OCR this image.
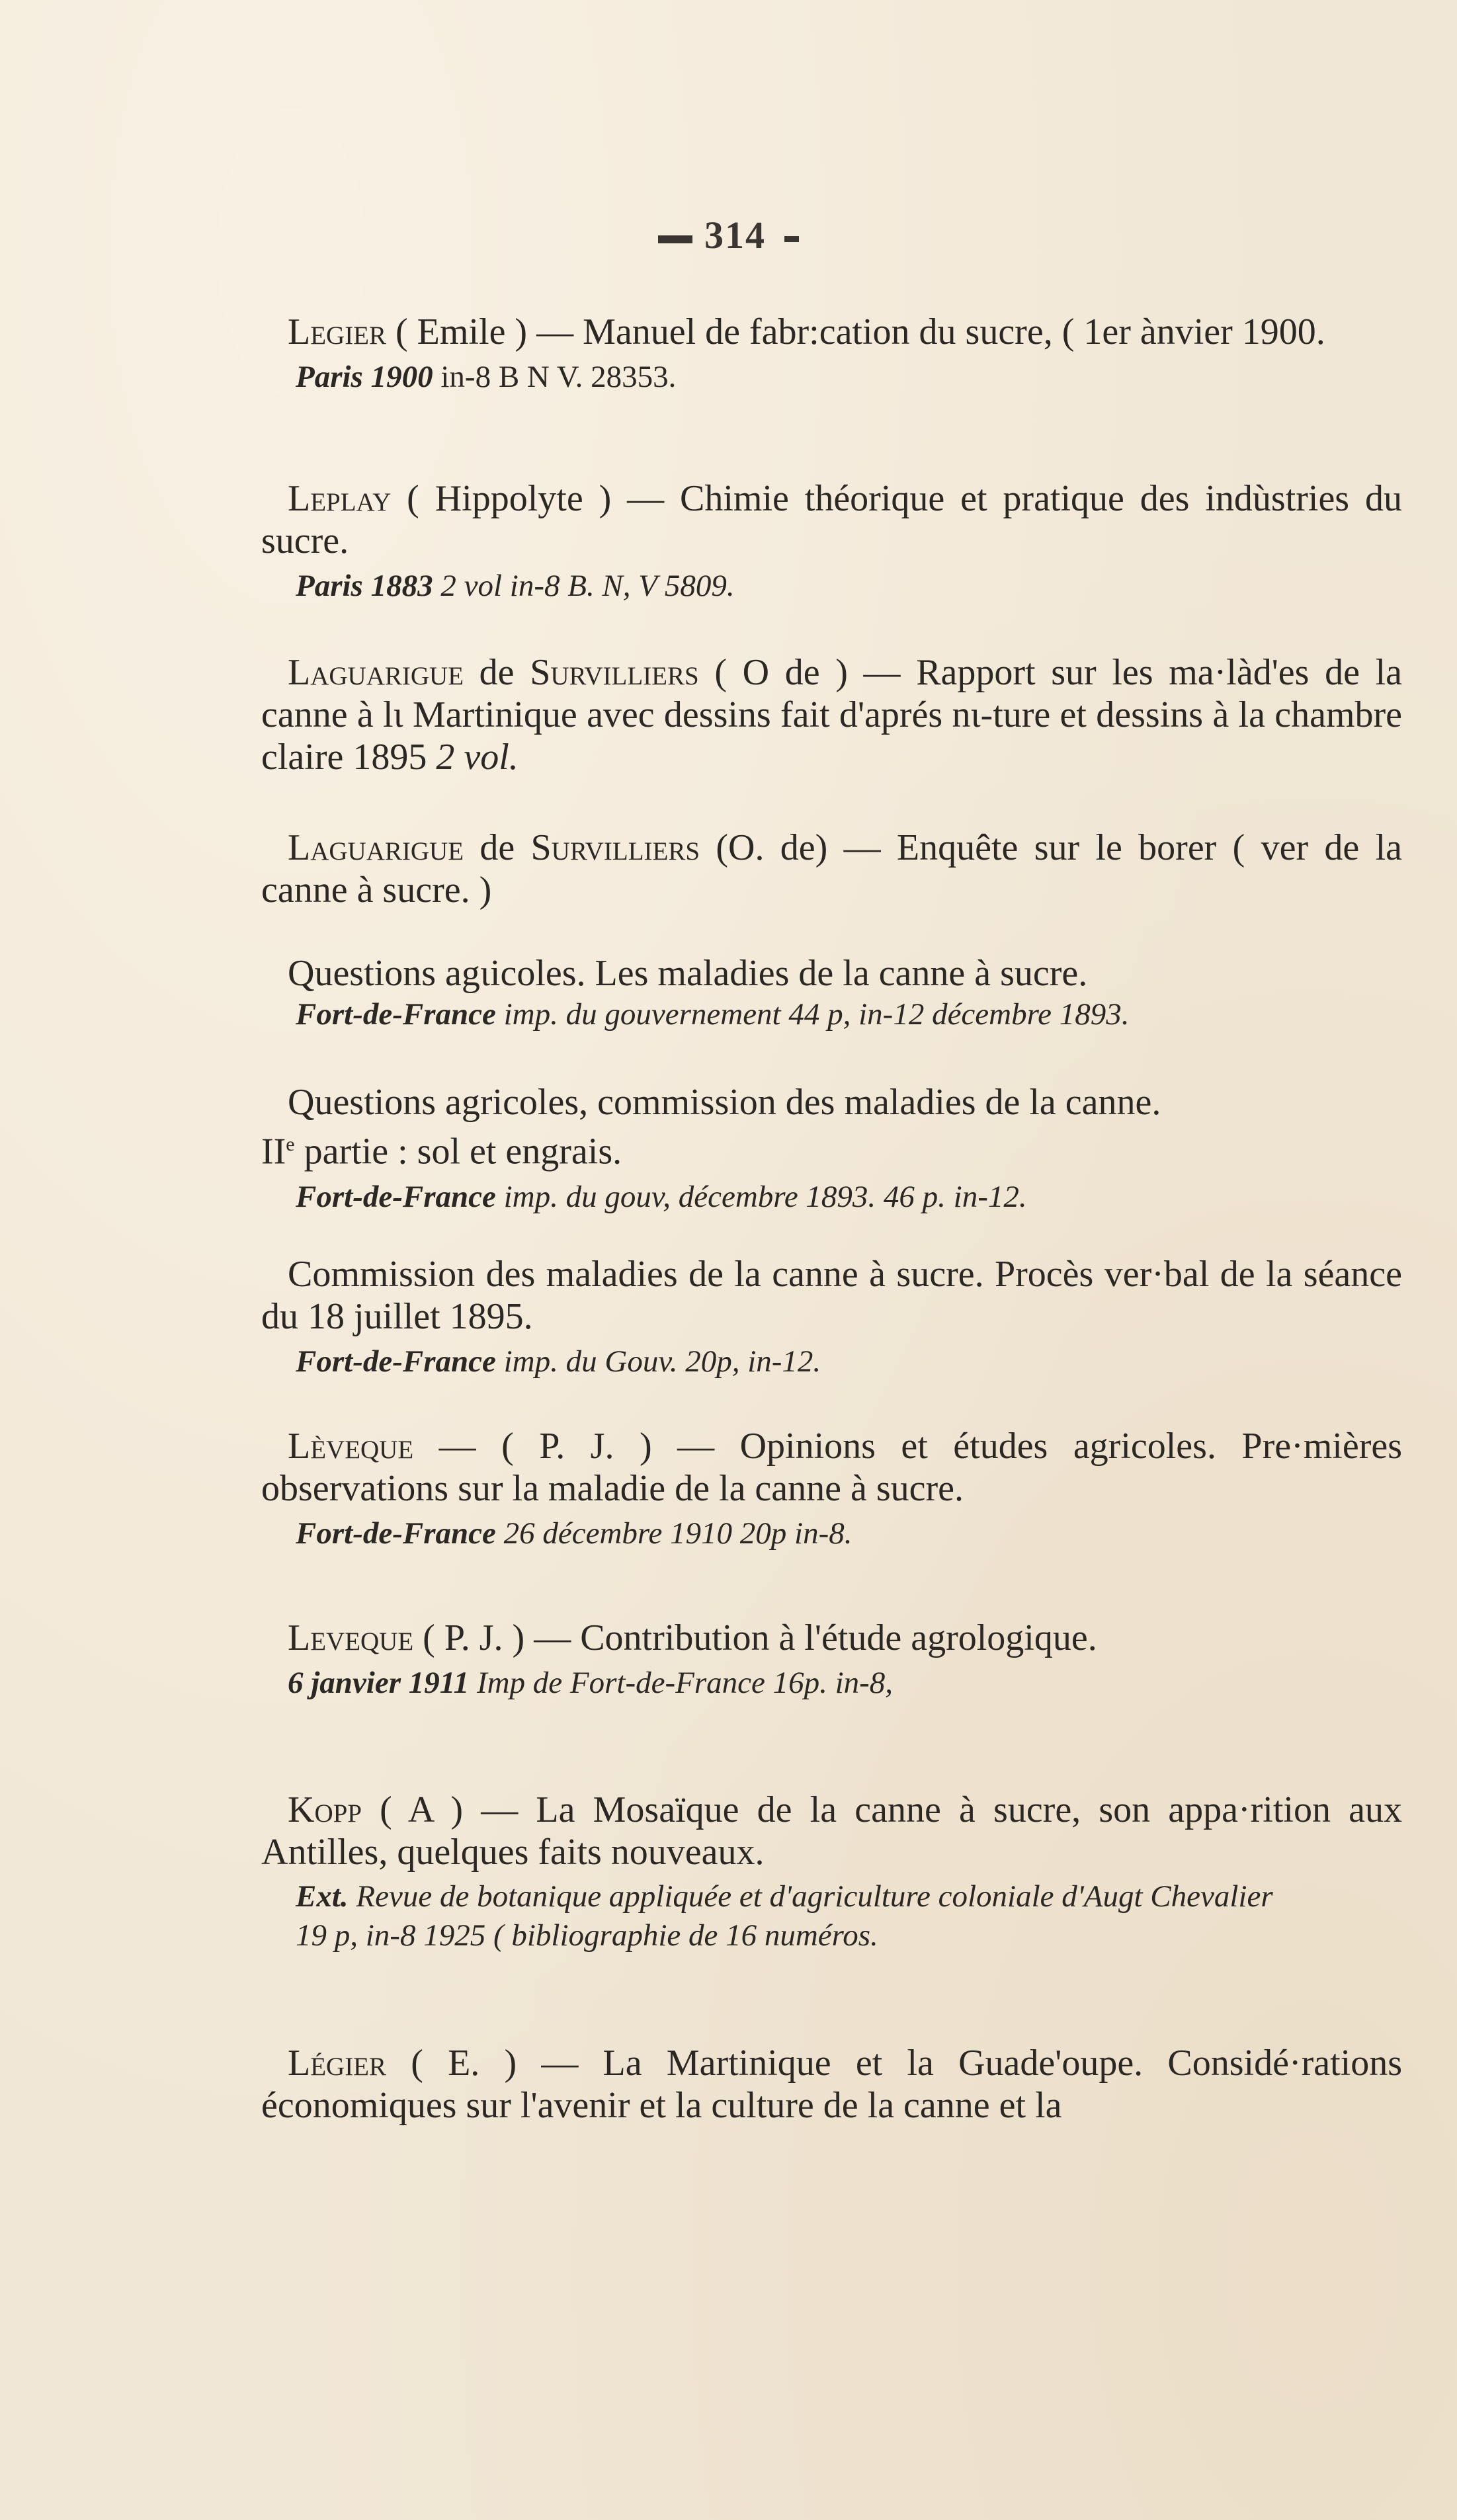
314

Legier ( Emile ) — Manuel de fabr:cation du sucre, ( 1er ànvier 1900.

Paris 1900 in-8 B N V. 28353.

Leplay ( Hippolyte ) — Chimie théorique et pratique des indùstries du sucre.

Paris 1883 2 vol in-8 B. N, V 5809.

Laguarigue de Survilliers ( O de ) — Rapport sur les ma·làd'es de la canne à lι Martinique avec dessins fait d'aprés nι-ture et dessins à la chambre claire 1895 2 vol.

Laguarigue de Survilliers (O. de) — Enquête sur le borer ( ver de la canne à sucre. )

Questions agιicoles. Les maladies de la canne à sucre.

Fort-de-France imp. du gouvernement 44 p, in-12 décembre 1893.

Questions agricoles, commission des maladies de la canne.
IIe partie : sol et engrais.

Fort-de-France imp. du gouv, décembre 1893. 46 p. in-12.

Commission des maladies de la canne à sucre. Procès ver·bal de la séance du 18 juillet 1895.

Fort-de-France imp. du Gouv. 20p, in-12.

Lèveque — ( P. J. ) — Opinions et études agricoles. Pre·mières observations sur la maladie de la canne à sucre.

Fort-de-France 26 décembre 1910 20p in-8.

Leveque ( P. J. ) — Contribution à l'étude agrologique.

6 janvier 1911 Imp de Fort-de-France 16p. in-8,

Kopp ( A ) — La Mosaïque de la canne à sucre, son appa·rition aux Antilles, quelques faits nouveaux.

Ext. Revue de botanique appliquée et d'agriculture coloniale d'Augt Chevalier

19 p, in-8 1925 ( bibliographie de 16 numéros.

Légier ( E. ) — La Martinique et la Guade'oupe. Considé·rations économiques sur l'avenir et la culture de la canne et la
